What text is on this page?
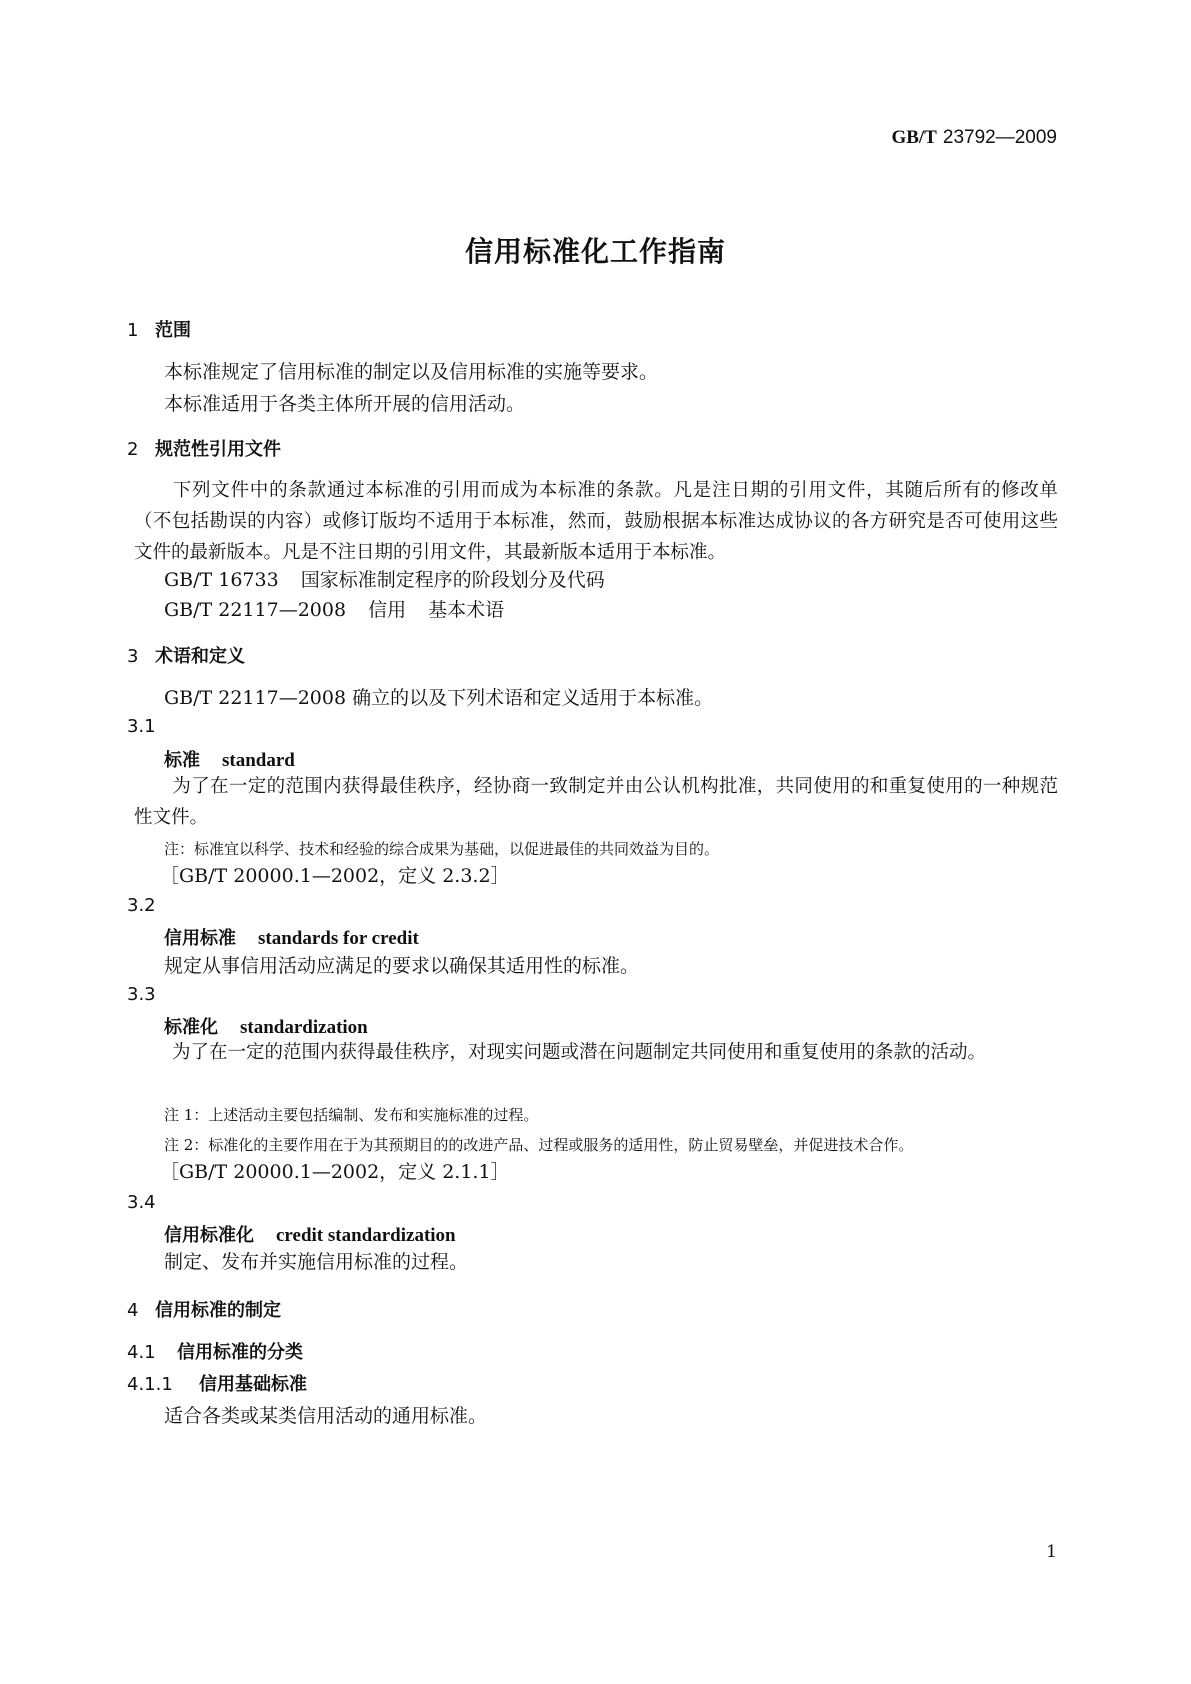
GB/T 23792—2009

信用标准化工作指南

1 范围

本标准规定了信用标准的制定以及信用标准的实施等要求。

本标准适用于各类主体所开展的信用活动。

2 规范性引用文件

下列文件中的条款通过本标准的引用而成为本标准的条款。凡是注日期的引用文件，其随后所有的修改单（不包括勘误的内容）或修订版均不适用于本标准，然而，鼓励根据本标准达成协议的各方研究是否可使用这些文件的最新版本。凡是不注日期的引用文件，其最新版本适用于本标准。

GB/T 16733 国家标准制定程序的阶段划分及代码

GB/T 22117—2008 信用 基本术语

3 术语和定义

GB/T 22117—2008 确立的以及下列术语和定义适用于本标准。

3.1

标准 standard

为了在一定的范围内获得最佳秩序，经协商一致制定并由公认机构批准，共同使用的和重复使用的一种规范性文件。

注：标准宜以科学、技术和经验的综合成果为基础，以促进最佳的共同效益为目的。

［GB/T 20000.1—2002，定义 2.3.2］

3.2

信用标准 standards for credit

规定从事信用活动应满足的要求以确保其适用性的标准。

3.3

标准化 standardization

为了在一定的范围内获得最佳秩序，对现实问题或潜在问题制定共同使用和重复使用的条款的活动。

注 1：上述活动主要包括编制、发布和实施标准的过程。

注 2：标准化的主要作用在于为其预期目的的改进产品、过程或服务的适用性，防止贸易壁垒，并促进技术合作。

［GB/T 20000.1—2002，定义 2.1.1］

3.4

信用标准化 credit standardization

制定、发布并实施信用标准的过程。

4 信用标准的制定

4.1 信用标准的分类

4.1.1 信用基础标准

适合各类或某类信用活动的通用标准。

1
